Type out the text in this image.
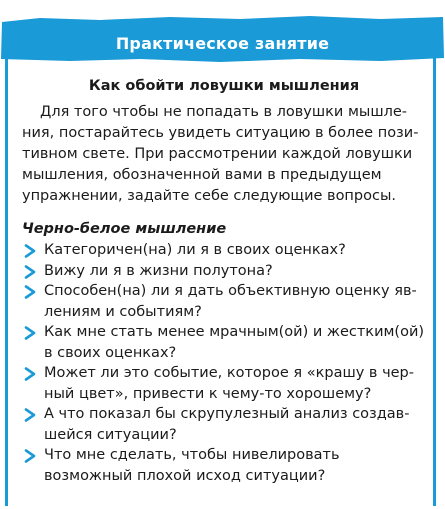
Практическое занятие
Как обойти ловушки мышления

Для того чтобы не попадать в ловушки мышления, постарайтесь увидеть ситуацию в более позитивном свете. При рассмотрении каждой ловушки мышления, обозначенной вами в предыдущем упражнении, задайте себе следующие вопросы.

Черно-белое мышление
Категоричен(на) ли я в своих оценках?
Вижу ли я в жизни полутона?
Способен(на) ли я дать объективную оценку явлениям и событиям?
Как мне стать менее мрачным(ой) и жестким(ой) в своих оценках?
Может ли это событие, которое я «крашу в черный цвет», привести к чему-то хорошему?
А что показал бы скрупулезный анализ создавшейся ситуации?
Что мне сделать, чтобы нивелировать возможный плохой исход ситуации?
